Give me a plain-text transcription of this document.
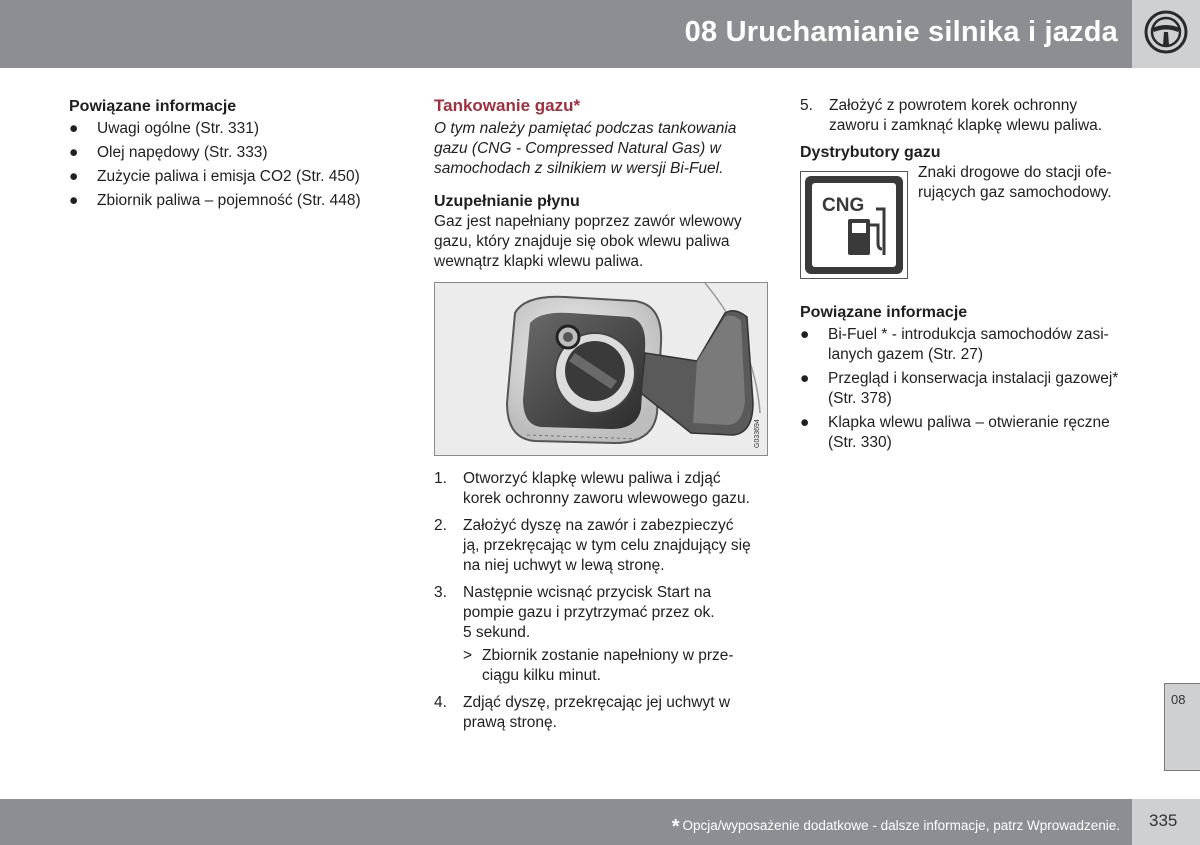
08 Uruchamianie silnika i jazda
Powiązane informacje
● Uwagi ogólne (Str. 331)
● Olej napędowy (Str. 333)
● Zużycie paliwa i emisja CO2 (Str. 450)
● Zbiornik paliwa – pojemność (Str. 448)
Tankowanie gazu*
O tym należy pamiętać podczas tankowania
gazu (CNG - Compressed Natural Gas) w
samochodach z silnikiem w wersji Bi-Fuel.
Uzupełnianie płynu
Gaz jest napełniany poprzez zawór wlewowy
gazu, który znajduje się obok wlewu paliwa
wewnątrz klapki wlewu paliwa.
G033694
1. Otworzyć klapkę wlewu paliwa i zdjąć
korek ochronny zaworu wlewowego gazu.
2. Założyć dyszę na zawór i zabezpieczyć
ją, przekręcając w tym celu znajdujący się
na niej uchwyt w lewą stronę.
3. Następnie wcisnąć przycisk Start na
pompie gazu i przytrzymać przez ok.
5 sekund.
> Zbiornik zostanie napełniony w prze-
ciągu kilku minut.
4. Zdjąć dyszę, przekręcając jej uchwyt w
prawą stronę.
5. Założyć z powrotem korek ochronny
zaworu i zamknąć klapkę wlewu paliwa.
Dystrybutory gazu
Znaki drogowe do stacji ofe-
rujących gaz samochodowy.
CNG
Powiązane informacje
● Bi-Fuel * - introdukcja samochodów zasi-
lanych gazem (Str. 27)
● Przegląd i konserwacja instalacji gazowej*
(Str. 378)
● Klapka wlewu paliwa – otwieranie ręczne
(Str. 330)
08
* Opcja/wyposażenie dodatkowe - dalsze informacje, patrz Wprowadzenie. 335
